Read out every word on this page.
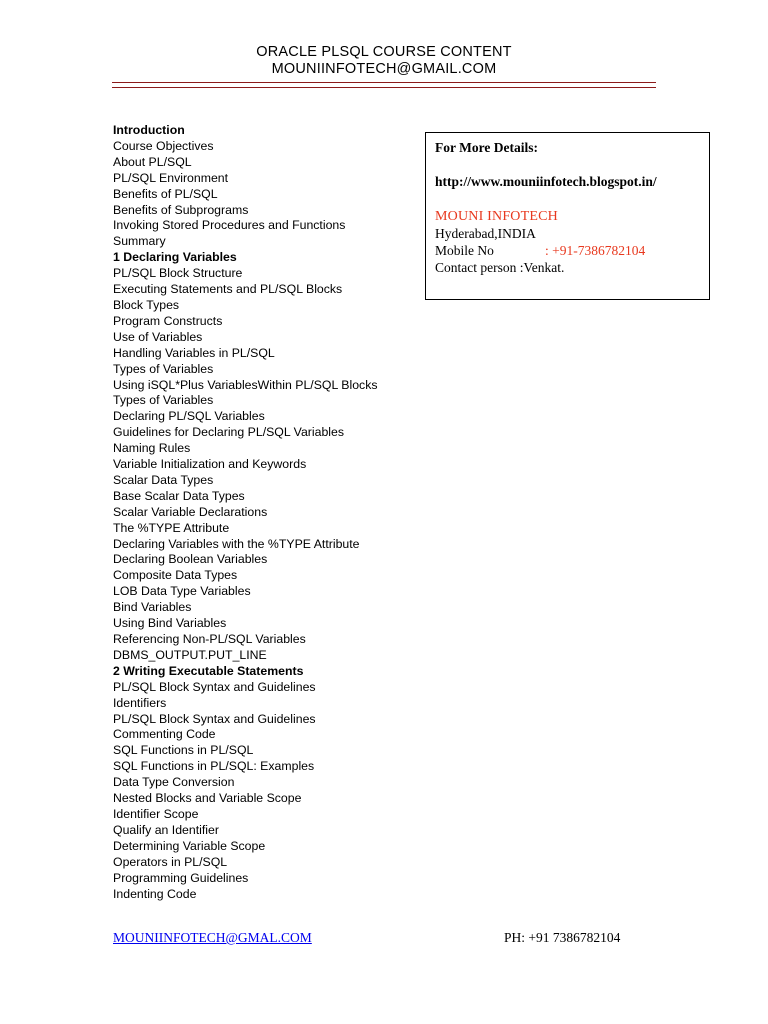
ORACLE PLSQL COURSE CONTENT
MOUNIINFOTECH@GMAIL.COM
Introduction
Course Objectives
About PL/SQL
PL/SQL Environment
Benefits of PL/SQL
Benefits of Subprograms
Invoking Stored Procedures and Functions
Summary
1 Declaring Variables
PL/SQL Block Structure
Executing Statements and PL/SQL Blocks
Block Types
Program Constructs
Use of Variables
Handling Variables in PL/SQL
Types of Variables
Using iSQL*Plus VariablesWithin PL/SQL Blocks
Types of Variables
Declaring PL/SQL Variables
Guidelines for Declaring PL/SQL Variables
Naming Rules
Variable Initialization and Keywords
Scalar Data Types
Base Scalar Data Types
Scalar Variable Declarations
The %TYPE Attribute
Declaring Variables with the %TYPE Attribute
Declaring Boolean Variables
Composite Data Types
LOB Data Type Variables
Bind Variables
Using Bind Variables
Referencing Non-PL/SQL Variables
DBMS_OUTPUT.PUT_LINE
2 Writing Executable Statements
PL/SQL Block Syntax and Guidelines
Identifiers
PL/SQL Block Syntax and Guidelines
Commenting Code
SQL Functions in PL/SQL
SQL Functions in PL/SQL: Examples
Data Type Conversion
Nested Blocks and Variable Scope
Identifier Scope
Qualify an Identifier
Determining Variable Scope
Operators in PL/SQL
Programming Guidelines
Indenting Code
For More Details:
http://www.mouniinfotech.blogspot.in/
MOUNI INFOTECH
Hyderabad,INDIA
Mobile No	: +91-7386782104
Contact person :Venkat.
MOUNIINFOTECH@GMAL.COM	PH: +91 7386782104
